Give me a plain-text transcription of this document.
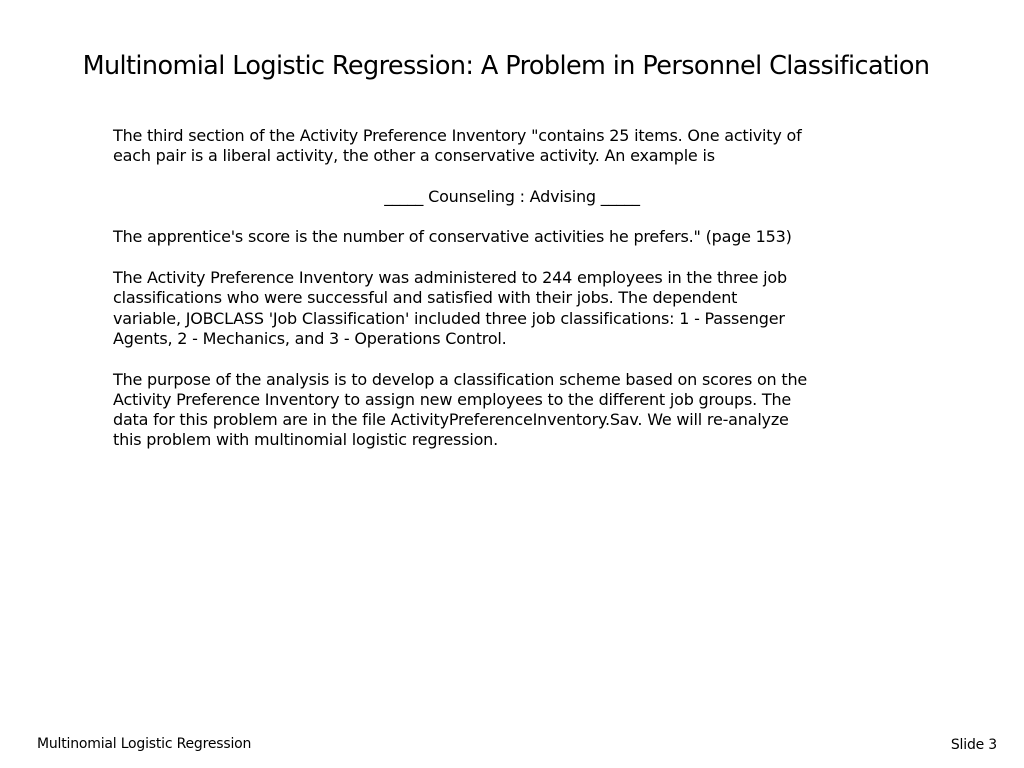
Multinomial Logistic Regression: A Problem in Personnel Classification

The third section of the Activity Preference Inventory "contains 25 items. One activity of
each pair is a liberal activity, the other a conservative activity. An example is

_____ Counseling : Advising _____

The apprentice's score is the number of conservative activities he prefers." (page 153)

The Activity Preference Inventory was administered to 244 employees in the three job
classifications who were successful and satisfied with their jobs. The dependent
variable, JOBCLASS 'Job Classification' included three job classifications: 1 - Passenger
Agents, 2 - Mechanics, and 3 - Operations Control.

The purpose of the analysis is to develop a classification scheme based on scores on the
Activity Preference Inventory to assign new employees to the different job groups. The
data for this problem are in the file ActivityPreferenceInventory.Sav. We will re-analyze
this problem with multinomial logistic regression.

Multinomial Logistic Regression	Slide 3
